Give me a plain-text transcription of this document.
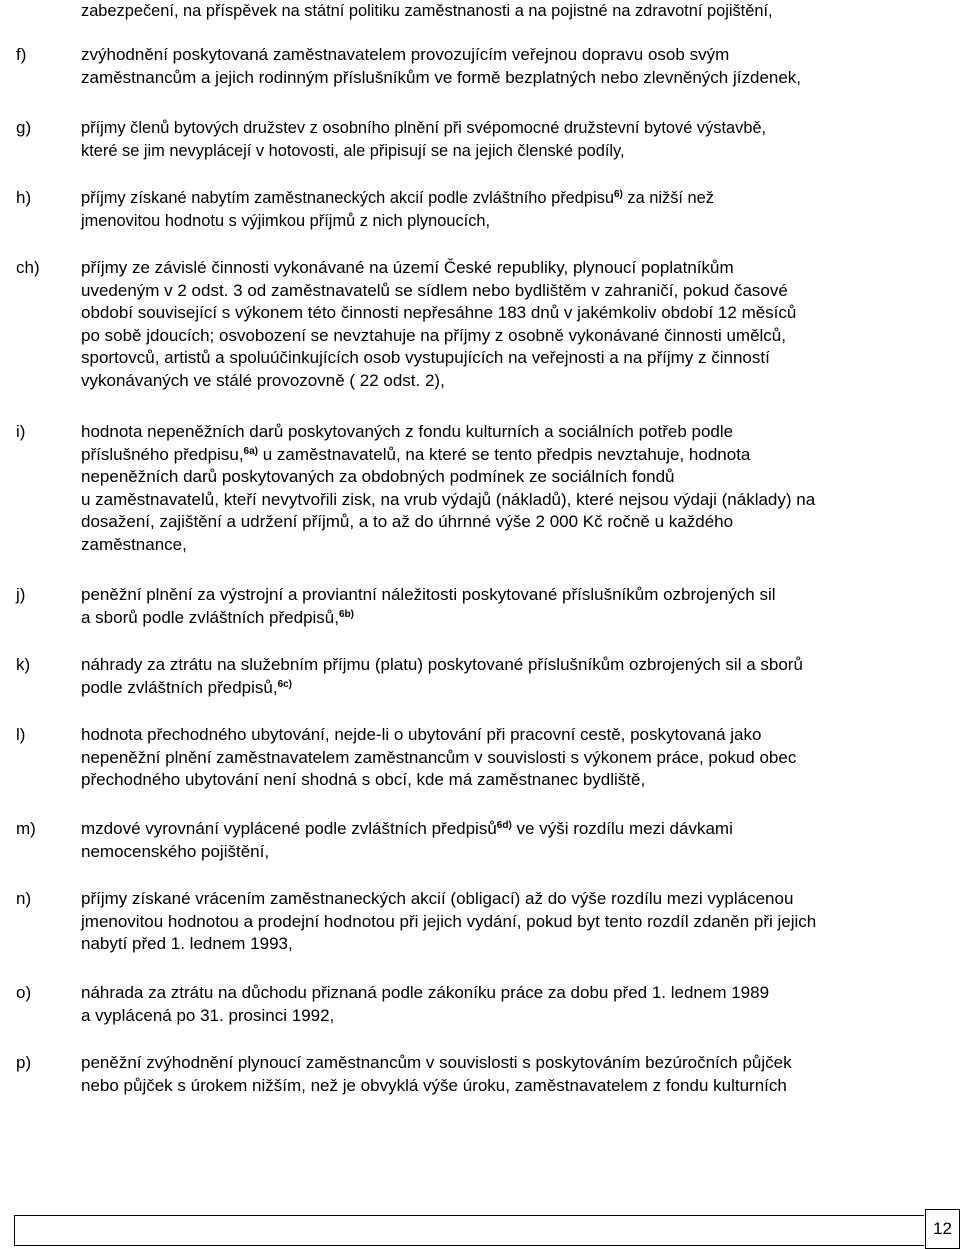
zabezpečení, na příspěvek na státní politiku zaměstnanosti a na pojistné na zdravotní pojištění,
f)	zvýhodnění poskytovaná zaměstnavatelem provozujícím veřejnou dopravu osob svým
zaměstnancům a jejich rodinným příslušníkům ve formě bezplatných nebo zlevněných jízdenek,
g)	příjmy členů bytových družstev z osobního plnění při svépomocné družstevní bytové výstavbě,
které se jim nevyplácejí v hotovosti, ale připisují se na jejich členské podíly,
h)	příjmy získané nabytím zaměstnaneckých akcií podle zvláštního předpisu$^{6)}$ za nižší než
jmenovitou hodnotu s výjimkou příjmů z nich plynoucích,
ch) příjmy ze závislé činnosti vykonávané na území České republiky, plynoucí poplatníkům
uvedeným v 2 odst. 3 od zaměstnavatelů se sídlem nebo bydlištěm v zahraničí, pokud časové
období související s výkonem této činnosti nepřesáhne 183 dnů v jakémkoliv období 12 měsíců
po sobě jdoucích; osvobození se nevztahuje na příjmy z osobně vykonávané činnosti umělců,
sportovců, artistů a spoluúčinkujících osob vystupujících na veřejnosti a na příjmy z činností
vykonávaných ve stálé provozovně ( 22 odst. 2),
i)	hodnota nepeněžních darů poskytovaných z fondu kulturních a sociálních potřeb podle
příslušného předpisu,$^{6a)}$ u zaměstnavatelů, na které se tento předpis nevztahuje, hodnota
nepeněžních darů poskytovaných za obdobných podmínek ze sociálních fondů
u zaměstnavatelů, kteří nevytvořili zisk, na vrub výdajů (nákladů), které nejsou výdaji (náklady) na
dosažení, zajištění a udržení příjmů, a to až do úhrnné výše 2 000 Kč ročně u každého
zaměstnance,
j)	peněžní plnění za výstrojní a proviantní náležitosti poskytované příslušníkům ozbrojených sil
a sborů podle zvláštních předpisů,$^{6b)}$
k)	náhrady za ztrátu na služebním příjmu (platu) poskytované příslušníkům ozbrojených sil a sborů
podle zvláštních předpisů,$^{6c)}$
l)	hodnota přechodného ubytování, nejde-li o ubytování při pracovní cestě, poskytovaná jako
nepeněžní plnění zaměstnavatelem zaměstnancům v souvislosti s výkonem práce, pokud obec
přechodného ubytování není shodná s obcí, kde má zaměstnanec bydliště,
m)	mzdové vyrovnání vyplácené podle zvláštních předpisů$^{6d)}$ ve výši rozdílu mezi dávkami
nemocenského pojištění,
n)	příjmy získané vrácením zaměstnaneckých akcií (obligací) až do výše rozdílu mezi vyplácenou
jmenovitou hodnotou a prodejní hodnotou při jejich vydání, pokud byt tento rozdíl zdaněn při jejich
nabytí před 1. lednem 1993,
o)	náhrada za ztrátu na důchodu přiznaná podle zákoníku práce za dobu před 1. lednem 1989
a vyplácená po 31. prosinci 1992,
p)	peněžní zvýhodnění plynoucí zaměstnancům v souvislosti s poskytováním bezúročních půjček
nebo půjček s úrokem nižším, než je obvyklá výše úroku, zaměstnavatelem z fondu kulturních
12
